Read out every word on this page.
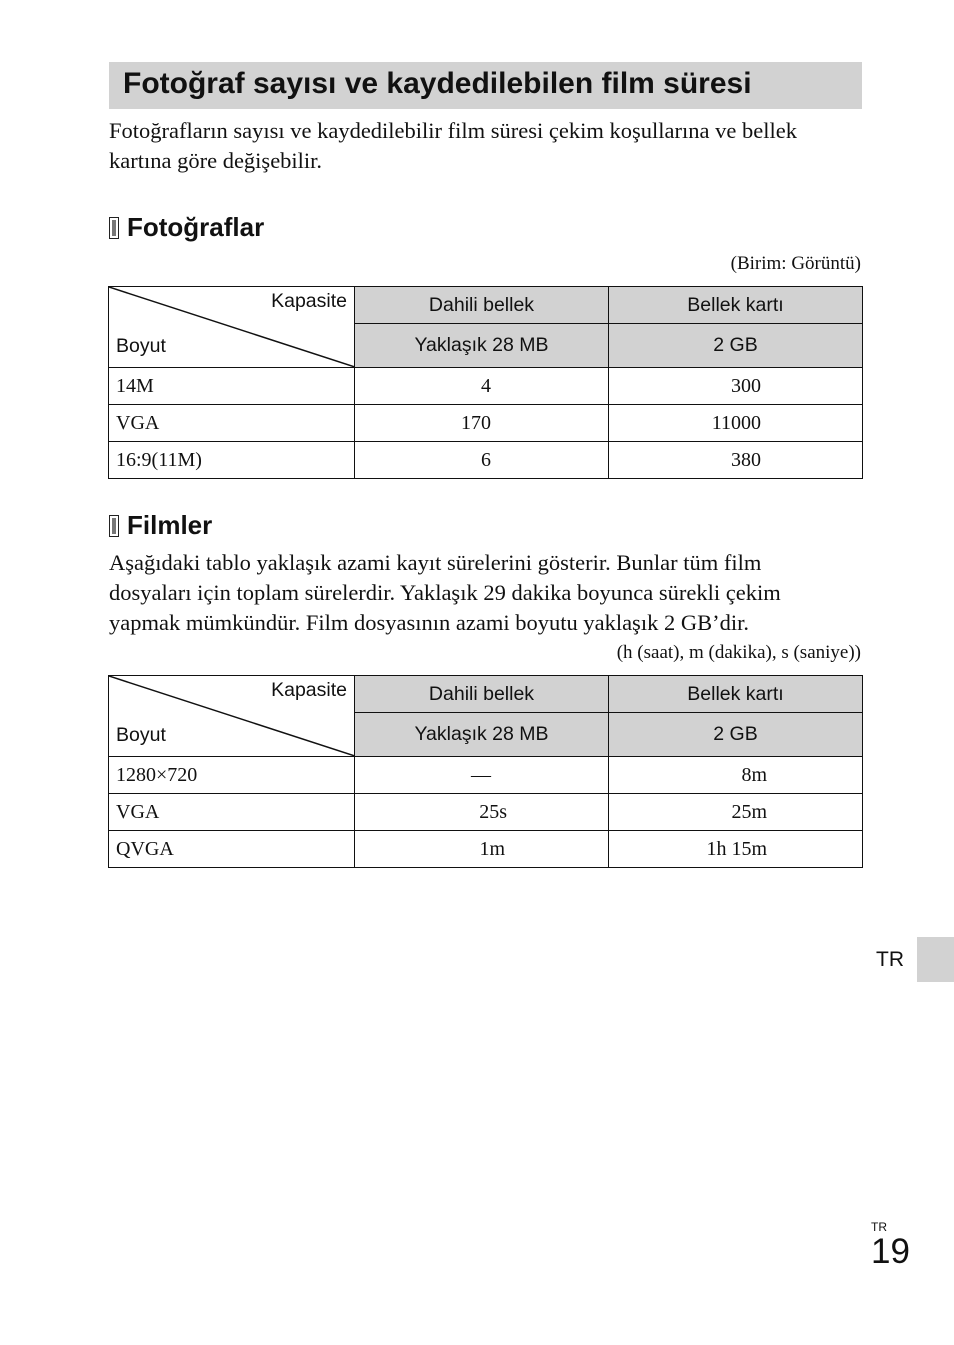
Fotoğraf sayısı ve kaydedilebilen film süresi
Fotoğrafların sayısı ve kaydedilebilir film süresi çekim koşullarına ve bellek
kartına göre değişebilir.
Fotoğraflar
(Birim: Görüntü)
Kapasite
Boyut	Dahili bellek	Bellek kartı
	Yaklaşık 28 MB	2 GB
14M	4	300
VGA	170	11000
16:9(11M)	6	380
Filmler
Aşağıdaki tablo yaklaşık azami kayıt sürelerini gösterir. Bunlar tüm film
dosyaları için toplam sürelerdir. Yaklaşık 29 dakika boyunca sürekli çekim
yapmak mümkündür. Film dosyasının azami boyutu yaklaşık 2 GB’dir.
(h (saat), m (dakika), s (saniye))
Kapasite
Boyut	Dahili bellek	Bellek kartı
	Yaklaşık 28 MB	2 GB
1280×720	—	8m
VGA	25s	25m
QVGA	1m	1h 15m
TR
TR
19
